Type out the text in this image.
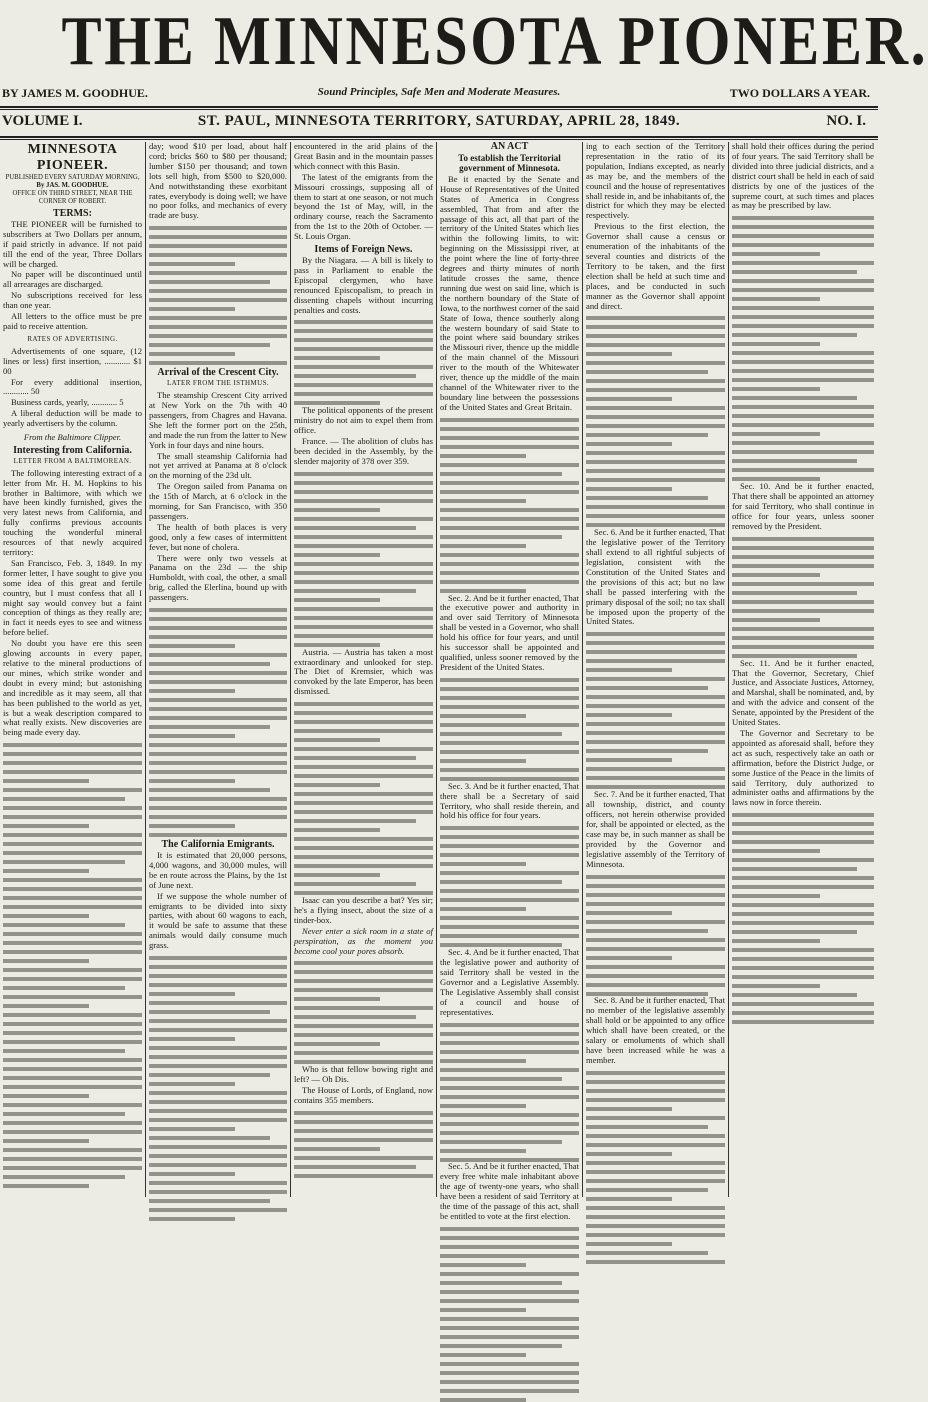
THE MINNESOTA PIONEER.
BY JAMES M. GOODHUE.	Sound Principles, Safe Men and Moderate Measures.	TWO DOLLARS A YEAR.
VOLUME I.	ST. PAUL, MINNESOTA TERRITORY, SATURDAY, APRIL 28, 1849.	NO. I.
MINNESOTA PIONEER.
PUBLISHED EVERY SATURDAY MORNING,
By JAS. M. GOODHUE.
OFFICE ON THIRD STREET, NEAR THE CORNER OF ROBERT.
TERMS:

THE PIONEER will be furnished to subscribers at Two Dollars per annum, if paid strictly in advance. If not paid till the end of the year, Three Dollars will be charged.

No paper will be discontinued until all arrearages are discharged.

No subscriptions received for less than one year.

All letters to the office must be pre paid to receive attention.

RATES OF ADVERTISING.

Advertisements of one square, (12 lines or less) first insertion, ............ $1 00

For every additional insertion, ............ 50

Business cards, yearly, ............ 5

A liberal deduction will be made to yearly advertisers by the column.

From the Baltimore Clipper.
Interesting from California.
LETTER FROM A BALTIMOREAN.

The following interesting extract of a letter from Mr. H. M. Hopkins to his brother in Baltimore, with which we have been kindly furnished, gives the very latest news from California, and fully confirms previous accounts touching the wonderful mineral resources of that newly acquired territory:

San Francisco, Feb. 3, 1849. In my former letter, I have sought to give you some idea of this great and fertile country, but I must confess that all I might say would convey but a faint conception of things as they really are; in fact it needs eyes to see and witness before belief.

No doubt you have ere this seen glowing accounts in every paper, relative to the mineral productions of our mines, which strike wonder and doubt in every mind; but astonishing and incredible as it may seem, all that has been published to the world as yet, is but a weak description compared to what really exists. New discoveries are being made every day.

day; wood $10 per load, about half cord; bricks $60 to $80 per thousand; lumber $150 per thousand; and town lots sell high, from $500 to $20,000. And notwithstanding these exorbitant rates, everybody is doing well; we have no poor folks, and mechanics of every trade are busy.

Arrival of the Crescent City.
LATER FROM THE ISTHMUS.

The steamship Crescent City arrived at New York on the 7th with 40 passengers, from Chagres and Havana. She left the former port on the 25th, and made the run from the latter to New York in four days and nine hours.

The small steamship California had not yet arrived at Panama at 8 o'clock on the morning of the 23d ult.

The Oregon sailed from Panama on the 15th of March, at 6 o'clock in the morning, for San Francisco, with 350 passengers.

The health of both places is very good, only a few cases of intermittent fever, but none of cholera.

There were only two vessels at Panama on the 23d — the ship Humboldt, with coal, the other, a small brig, called the Elerlina, bound up with passengers.

The California Emigrants.

It is estimated that 20,000 persons, 4,000 wagons, and 30,000 mules, will be en route across the Plains, by the 1st of June next.

If we suppose the whole number of emigrants to be divided into sixty parties, with about 60 wagons to each, it would be safe to assume that these animals would daily consume much grass.

encountered in the arid plains of the Great Basin and in the mountain passes which connect with this Basin.

The latest of the emigrants from the Missouri crossings, supposing all of them to start at one season, or not much beyond the 1st of May, will, in the ordinary course, reach the Sacramento from the 1st to the 20th of October. — St. Louis Organ.

Items of Foreign News.

By the Niagara. — A bill is likely to pass in Parliament to enable the Episcopal clergymen, who have renounced Episcopalism, to preach in dissenting chapels without incurring penalties and costs.

The political opponents of the present ministry do not aim to expel them from office.

France. — The abolition of clubs has been decided in the Assembly, by the slender majority of 378 over 359.

Austria. — Austria has taken a most extraordinary and unlooked for step. The Diet of Kremsier, which was convoked by the late Emperor, has been dismissed.

Isaac can you describe a bat? Yes sir; he's a flying insect, about the size of a tinder-box.

Never enter a sick room in a state of perspiration, as the moment you become cool your pores absorb.

Who is that fellow bowing right and left? — Oh Dis.

The House of Lords, of England, now contains 355 members.

AN ACT
To establish the Territorial government of Minnesota.

Be it enacted by the Senate and House of Representatives of the United States of America in Congress assembled, That from and after the passage of this act, all that part of the territory of the United States which lies within the following limits, to wit: beginning on the Mississippi river, at the point where the line of forty-three degrees and thirty minutes of north latitude crosses the same, thence running due west on said line, which is the northern boundary of the State of Iowa, to the northwest corner of the said State of Iowa, thence southerly along the western boundary of said State to the point where said boundary strikes the Missouri river, thence up the middle of the main channel of the Missouri river to the mouth of the Whitewater river, thence up the middle of the main channel of the Whitewater river to the boundary line between the possessions of the United States and Great Britain.

Sec. 2. And be it further enacted, That the executive power and authority in and over said Territory of Minnesota shall be vested in a Governor, who shall hold his office for four years, and until his successor shall be appointed and qualified, unless sooner removed by the President of the United States.

Sec. 3. And be it further enacted, That there shall be a Secretary of said Territory, who shall reside therein, and hold his office for four years.

Sec. 4. And be it further enacted, That the legislative power and authority of said Territory shall be vested in the Governor and a Legislative Assembly. The Legislative Assembly shall consist of a council and house of representatives.

Sec. 5. And be it further enacted, That every free white male inhabitant above the age of twenty-one years, who shall have been a resident of said Territory at the time of the passage of this act, shall be entitled to vote at the first election.

ing to each section of the Territory representation in the ratio of its population, Indians excepted, as nearly as may be, and the members of the council and the house of representatives shall reside in, and be inhabitants of, the district for which they may be elected respectively.

Previous to the first election, the Governor shall cause a census or enumeration of the inhabitants of the several counties and districts of the Territory to be taken, and the first election shall be held at such time and places, and be conducted in such manner as the Governor shall appoint and direct.

Sec. 6. And be it further enacted, That the legislative power of the Territory shall extend to all rightful subjects of legislation, consistent with the Constitution of the United States and the provisions of this act; but no law shall be passed interfering with the primary disposal of the soil; no tax shall be imposed upon the property of the United States.

Sec. 7. And be it further enacted, That all township, district, and county officers, not herein otherwise provided for, shall be appointed or elected, as the case may be, in such manner as shall be provided by the Governor and legislative assembly of the Territory of Minnesota.

Sec. 8. And be it further enacted, That no member of the legislative assembly shall hold or be appointed to any office which shall have been created, or the salary or emoluments of which shall have been increased while he was a member.

shall hold their offices during the period of four years. The said Territory shall be divided into three judicial districts, and a district court shall be held in each of said districts by one of the justices of the supreme court, at such times and places as may be prescribed by law.

Sec. 10. And be it further enacted, That there shall be appointed an attorney for said Territory, who shall continue in office for four years, unless sooner removed by the President.

Sec. 11. And be it further enacted, That the Governor, Secretary, Chief Justice, and Associate Justices, Attorney, and Marshal, shall be nominated, and, by and with the advice and consent of the Senate, appointed by the President of the United States.

The Governor and Secretary to be appointed as aforesaid shall, before they act as such, respectively take an oath or affirmation, before the District Judge, or some Justice of the Peace in the limits of said Territory, duly authorized to administer oaths and affirmations by the laws now in force therein.
